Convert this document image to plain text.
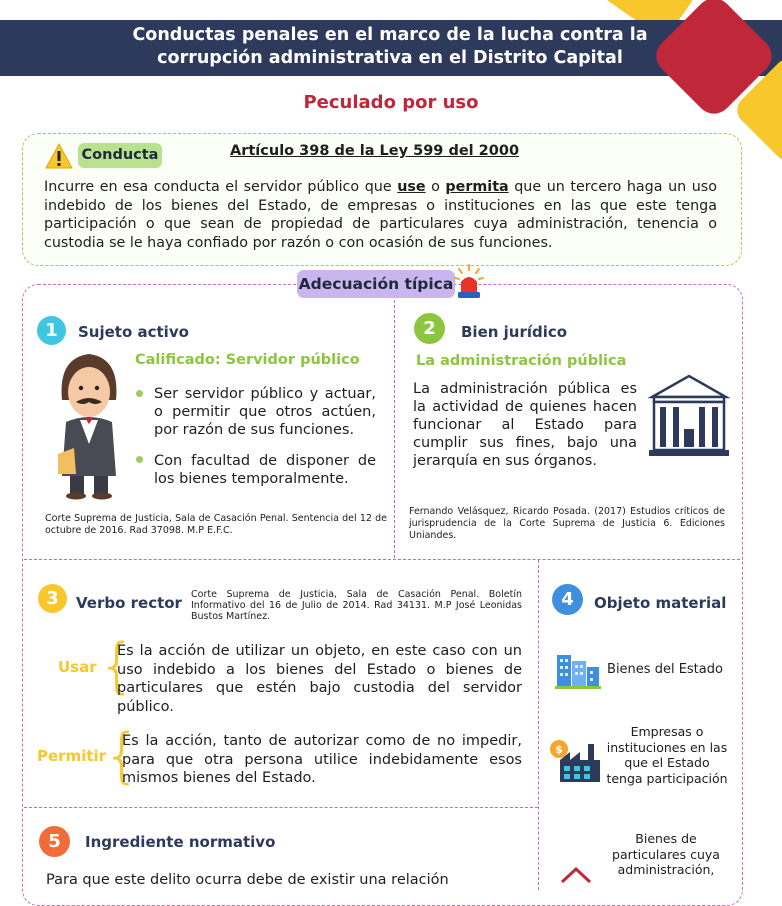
Conductas penales en el marco de la lucha contra la
corrupción administrativa en el Distrito Capital
Peculado por uso
Conducta	Artículo 398 de la Ley 599 del 2000
Incurre en esa conducta el servidor público que use o permita que un tercero haga un uso indebido de los bienes del Estado, de empresas o instituciones en las que este tenga participación o que sean de propiedad de particulares cuya administración, tenencia o custodia se le haya confiado por razón o con ocasión de sus funciones.
Adecuación típica
1	Sujeto activo
Calificado: Servidor público
Ser servidor público y actuar, o permitir que otros actúen, por razón de sus funciones.
Con facultad de disponer de los bienes temporalmente.
Corte Suprema de Justicia, Sala de Casación Penal. Sentencia del 12 de octubre de 2016. Rad 37098. M.P E.F.C.
2	Bien jurídico
La administración pública
La administración pública es la actividad de quienes hacen funcionar al Estado para cumplir sus fines, bajo una jerarquía en sus órganos.
Fernando Velásquez, Ricardo Posada. (2017) Estudios críticos de jurisprudencia de la Corte Suprema de Justicia 6. Ediciones Uniandes.
3	Verbo rector Corte Suprema de Justicia, Sala de Casación Penal. Boletín Informativo del 16 de Julio de 2014. Rad 34131. M.P José Leonidas Bustos Martínez.
Usar {
Es la acción de utilizar un objeto, en este caso con un uso indebido a los bienes del Estado o bienes de particulares que estén bajo custodia del servidor público.
Permitir
{
Es la acción, tanto de autorizar como de no impedir, para que otra persona utilice indebidamente esos mismos bienes del Estado.
4	Objeto material
Bienes del Estado
$
Empresas o instituciones en las que el Estado tenga participación
Bienes de particulares cuya administración,
5	Ingrediente normativo
Para que este delito ocurra debe de existir una relación
